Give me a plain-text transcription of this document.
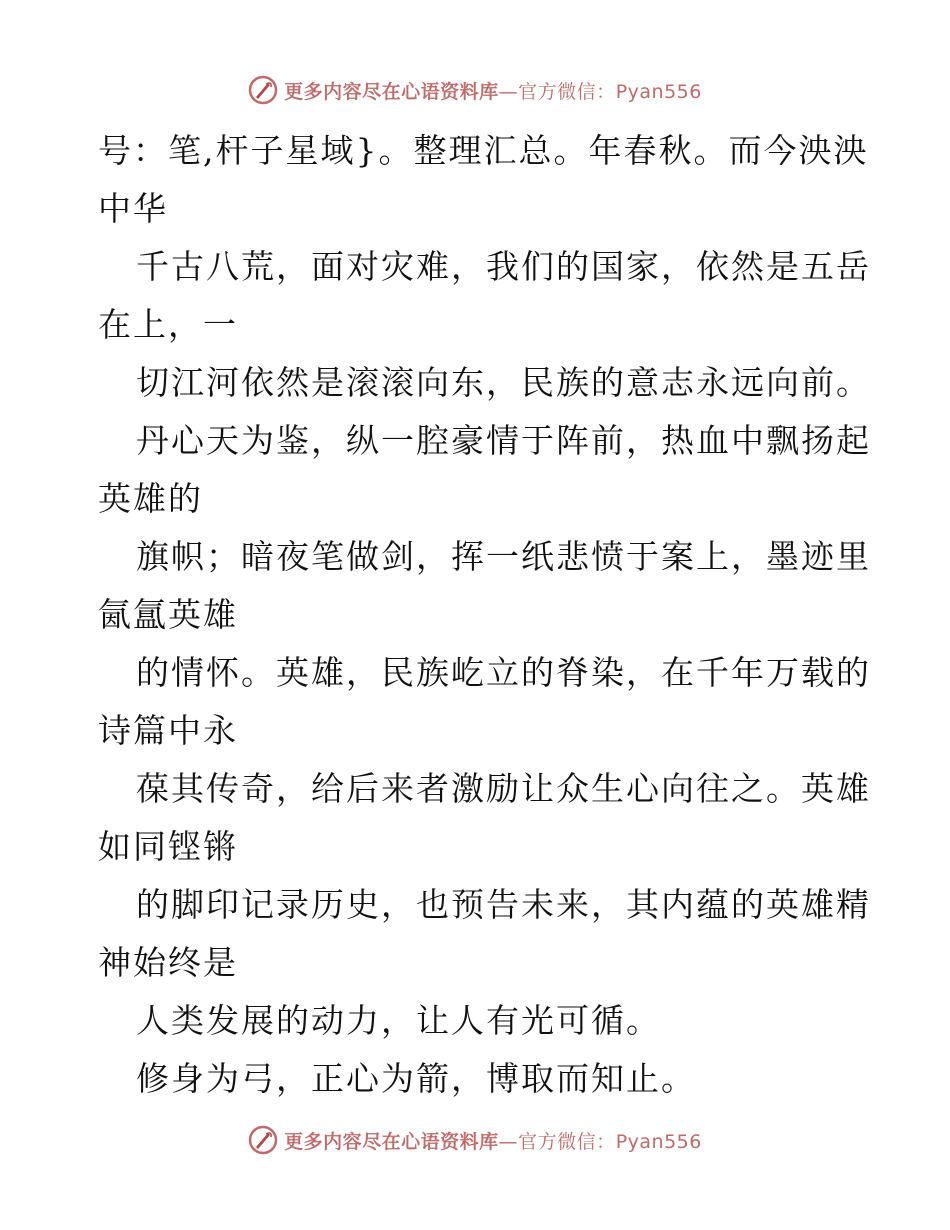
更多内容尽在心语资料库—官方微信：Pyan556
号：笔,杆子星域}。整理汇总。年春秋。而今泱泱
中华
千古八荒，面对灾难，我们的国家，依然是五岳
在上，一
切江河依然是滚滚向东，民族的意志永远向前。
丹心天为鉴，纵一腔豪情于阵前，热血中飘扬起
英雄的
旗帜；暗夜笔做剑，挥一纸悲愤于案上，墨迹里
氤氲英雄
的情怀。英雄，民族屹立的脊染，在千年万载的
诗篇中永
葆其传奇，给后来者激励让众生心向往之。英雄
如同铿锵
的脚印记录历史，也预告未来，其内蕴的英雄精
神始终是
人类发展的动力，让人有光可循。
修身为弓，正心为箭，博取而知止。
更多内容尽在心语资料库—官方微信：Pyan556
